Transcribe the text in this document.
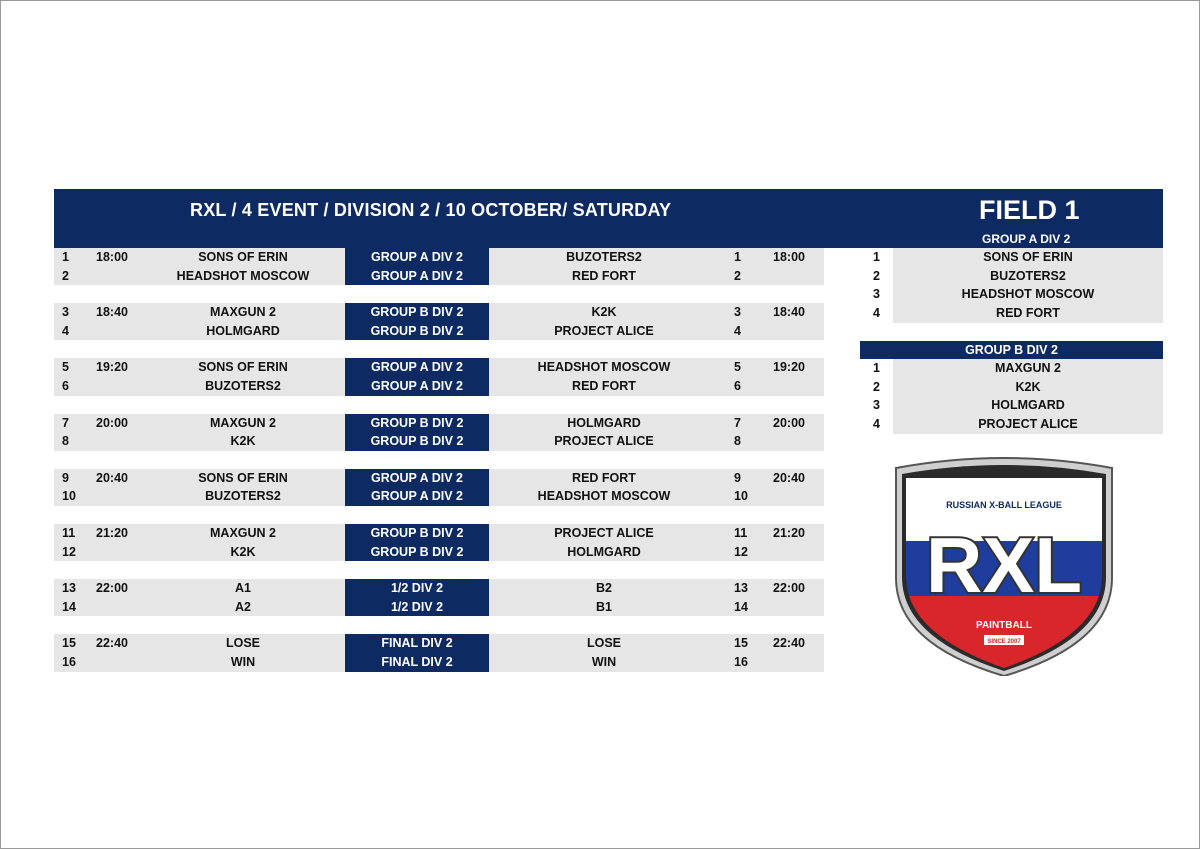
RXL / 4 EVENT / DIVISION 2 / 10 OCTOBER/ SATURDAY	FIELD 1
GROUP A DIV 2
1 18:00	SONS OF ERIN	GROUP A DIV 2	BUZOTERS2	1	18:00
2	HEADSHOT MOSCOW	GROUP A DIV 2	RED FORT	2
3 18:40	MAXGUN 2	GROUP B DIV 2	K2K	3	18:40
4	HOLMGARD	GROUP B DIV 2	PROJECT ALICE	4
5 19:20	SONS OF ERIN	GROUP A DIV 2	HEADSHOT MOSCOW	5	19:20
6	BUZOTERS2	GROUP A DIV 2	RED FORT	6
7 20:00	MAXGUN 2	GROUP B DIV 2	HOLMGARD	7	20:00
8	K2K	GROUP B DIV 2	PROJECT ALICE	8
9 20:40	SONS OF ERIN	GROUP A DIV 2	RED FORT	9	20:40
10	BUZOTERS2	GROUP A DIV 2	HEADSHOT MOSCOW	10
11 21:20	MAXGUN 2	GROUP B DIV 2	PROJECT ALICE	11 21:20
12	K2K	GROUP B DIV 2	HOLMGARD	12
13 22:00	A1	1/2 DIV 2	B2	13 22:00
14	A2	1/2 DIV 2	B1	14
15 22:40	LOSE	FINAL DIV 2	LOSE	15 22:40
16	WIN	FINAL DIV 2	WIN	16
1	SONS OF ERIN
2	BUZOTERS2
3	HEADSHOT MOSCOW
4	RED FORT
GROUP B DIV 2
1	MAXGUN 2
2	K2K
3	HOLMGARD
4	PROJECT ALICE
RUSSIAN X-BALL LEAGUE
RXL
PAINTBALL
SINCE 2007
